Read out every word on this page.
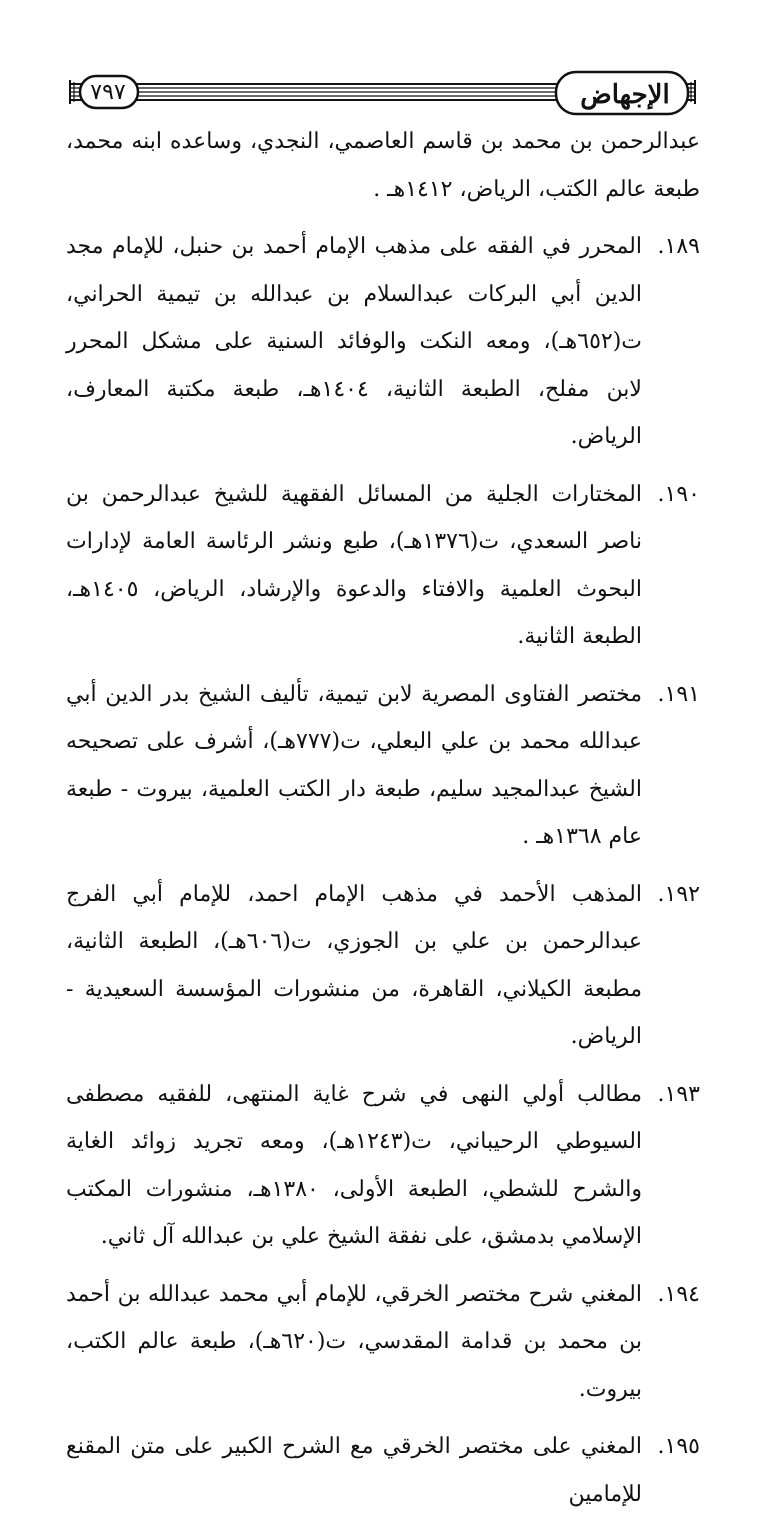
الإجهاض
٧٩٧

عبدالرحمن بن محمد بن قاسم العاصمي، النجدي، وساعده ابنه محمد، طبعة عالم الكتب، الرياض، ١٤١٢هـ .

١٨٩.
المحرر في الفقه على مذهب الإمام أحمد بن حنبل، للإمام مجد الدين أبي البركات عبدالسلام بن عبدالله بن تيمية الحراني، ت(٦٥٢هـ)، ومعه النكت والوفائد السنية على مشكل المحرر لابن مفلح، الطبعة الثانية، ١٤٠٤هـ، طبعة مكتبة المعارف، الرياض.

١٩٠.
المختارات الجلية من المسائل الفقهية للشيخ عبدالرحمن بن ناصر السعدي، ت(١٣٧٦هـ)، طبع ونشر الرئاسة العامة لإدارات البحوث العلمية والافتاء والدعوة والإرشاد، الرياض، ١٤٠٥هـ، الطبعة الثانية.

١٩١.
مختصر الفتاوى المصرية لابن تيمية، تأليف الشيخ بدر الدين أبي عبدالله محمد بن علي البعلي، ت(٧٧٧هـ)، أشرف على تصحيحه الشيخ عبدالمجيد سليم، طبعة دار الكتب العلمية، بيروت - طبعة عام ١٣٦٨هـ .

١٩٢.
المذهب الأحمد في مذهب الإمام احمد، للإمام أبي الفرج عبدالرحمن بن علي بن الجوزي، ت(٦٠٦هـ)، الطبعة الثانية، مطبعة الكيلاني، القاهرة، من منشورات المؤسسة السعيدية - الرياض.

١٩٣.
مطالب أولي النهى في شرح غاية المنتهى، للفقيه مصطفى السيوطي الرحيباني، ت(١٢٤٣هـ)، ومعه تجريد زوائد الغاية والشرح للشطي، الطبعة الأولى، ١٣٨٠هـ، منشورات المكتب الإسلامي بدمشق، على نفقة الشيخ علي بن عبدالله آل ثاني.

١٩٤.
المغني شرح مختصر الخرقي، للإمام أبي محمد عبدالله بن أحمد بن محمد بن قدامة المقدسي، ت(٦٢٠هـ)، طبعة عالم الكتب، بيروت.

١٩٥.
المغني على مختصر الخرقي مع الشرح الكبير على متن المقنع للإمامين
